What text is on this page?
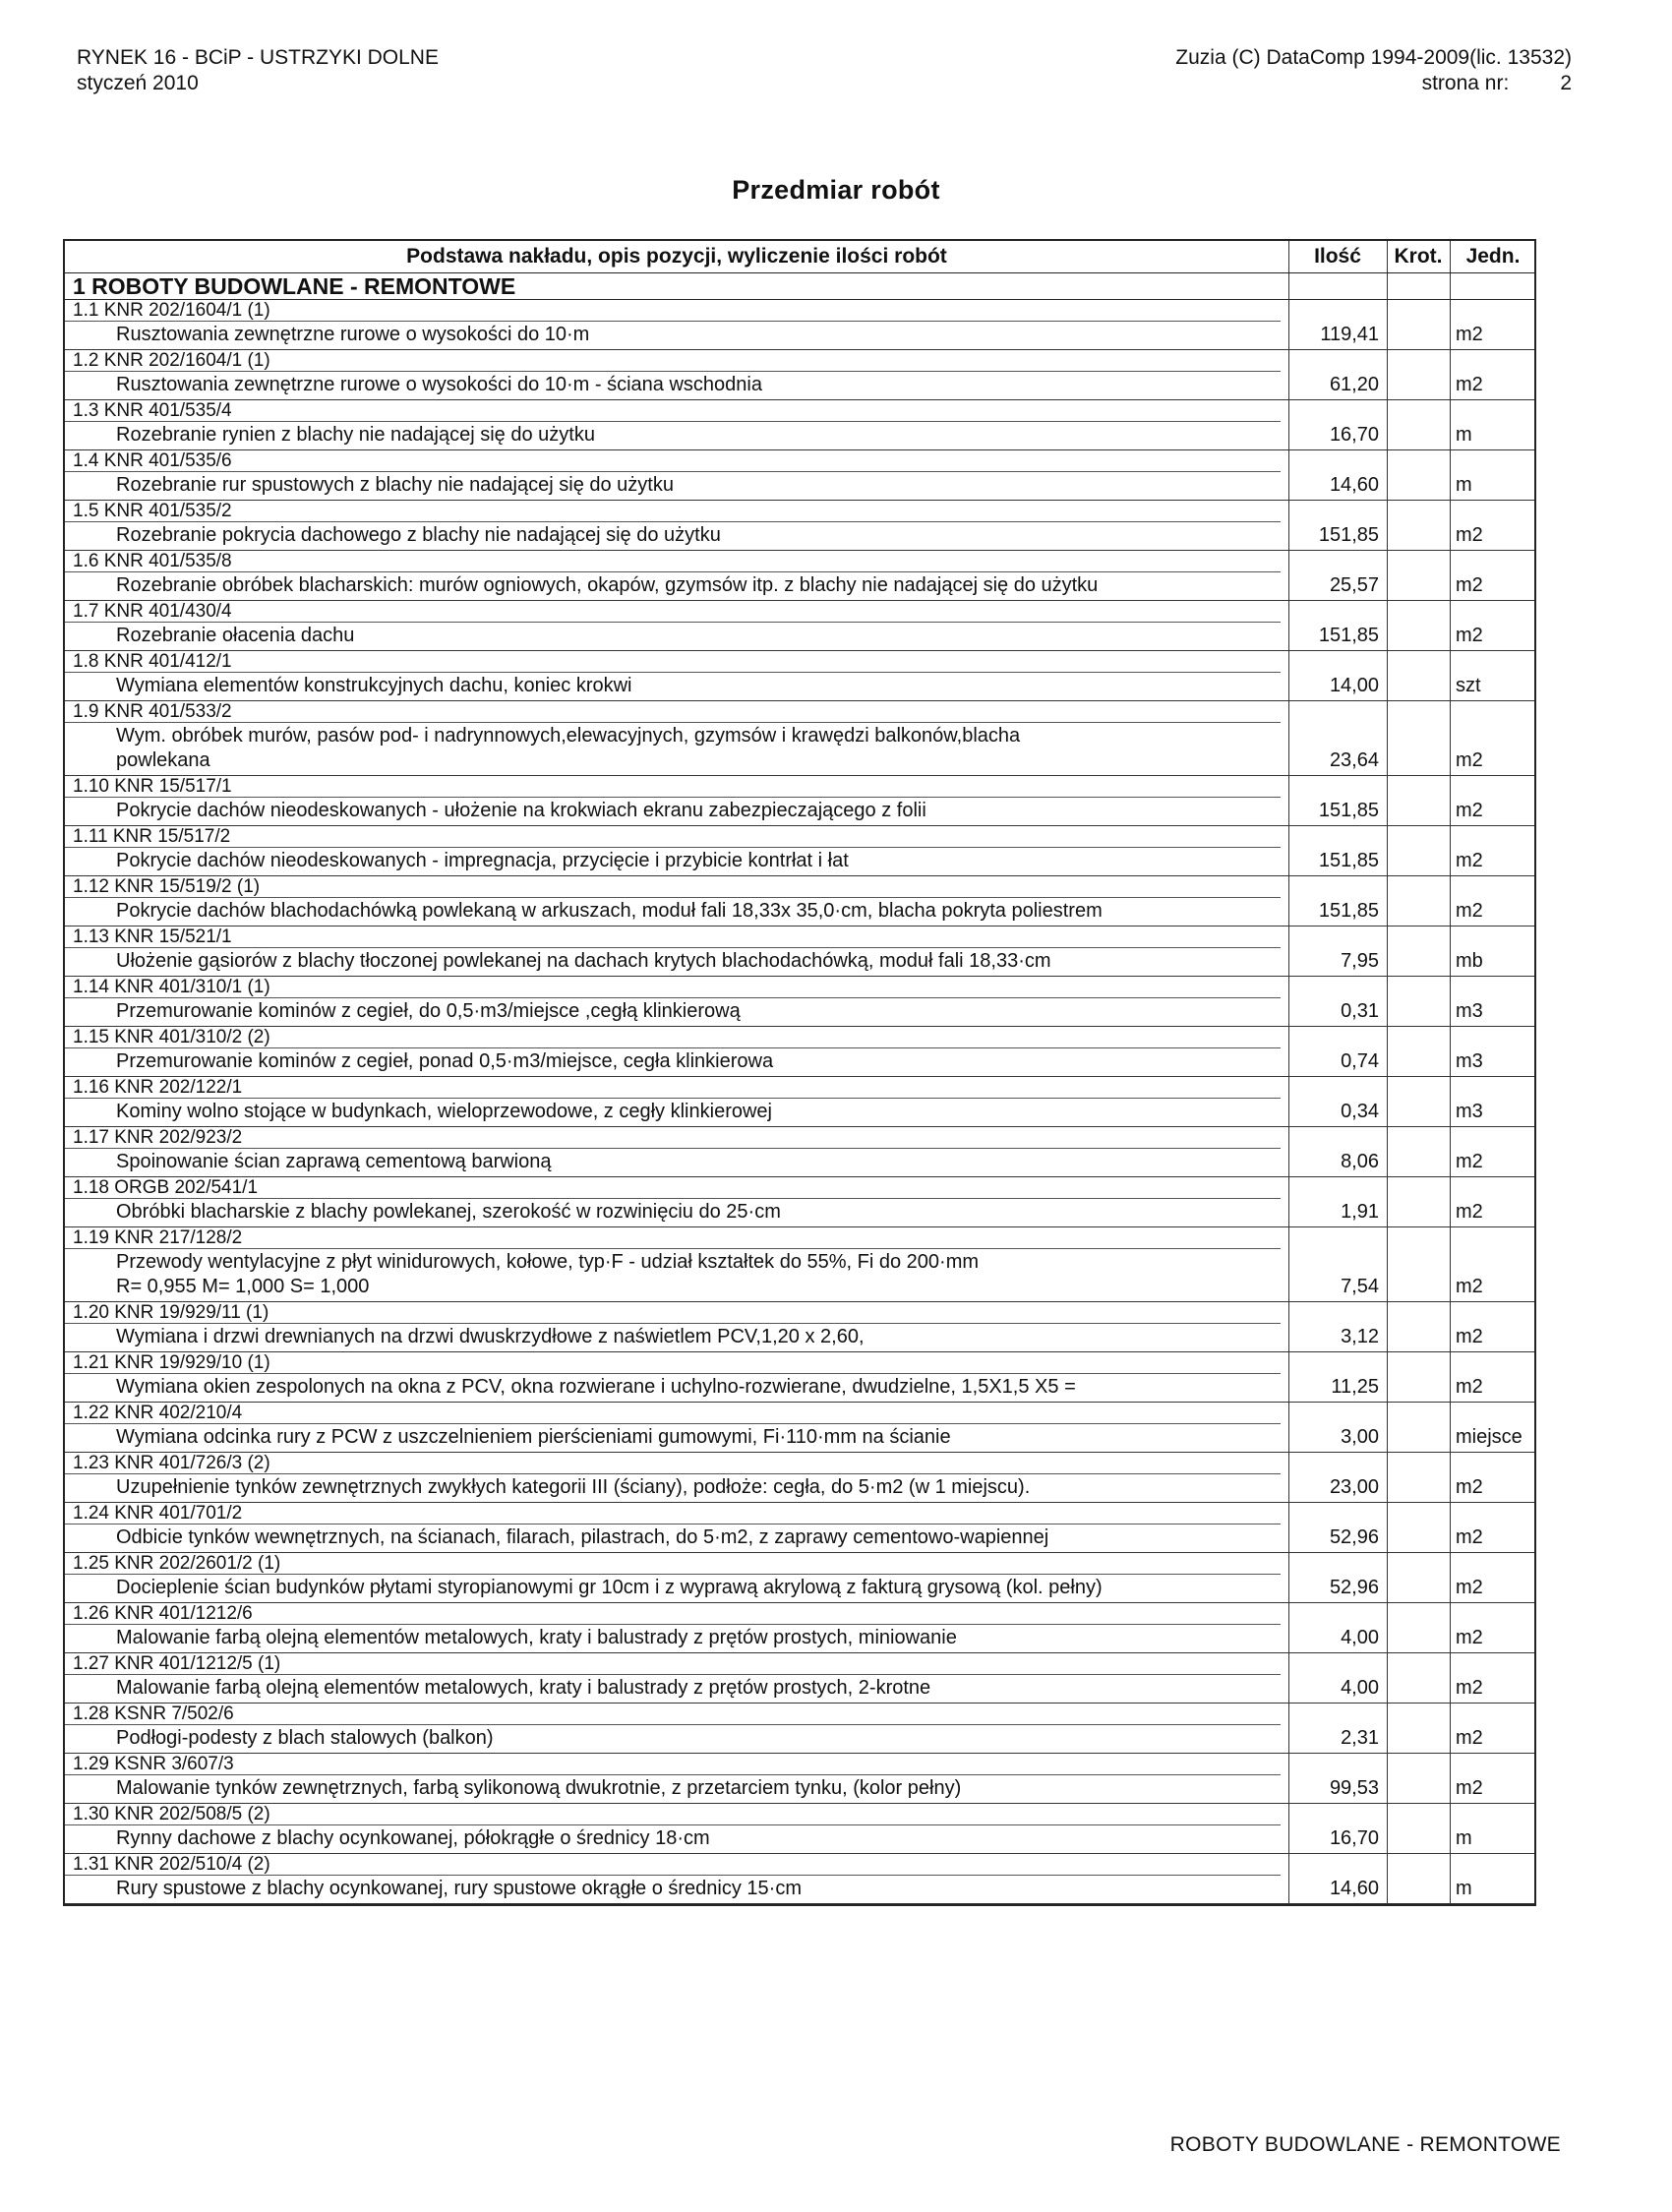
RYNEK 16 - BCiP - USTRZYKI DOLNE
styczeń 2010
Zuzia (C) DataComp 1994-2009(lic. 13532)
strona nr: 2
Przedmiar robót
Podstawa nakładu, opis pozycji, wyliczenie ilości robót	Ilość	Krot.	Jedn.
1 ROBOTY BUDOWLANE - REMONTOWE
1.1 KNR 202/1604/1 (1)
Rusztowania zewnętrzne rurowe o wysokości do 10·m	119,41	m2
1.2 KNR 202/1604/1 (1)
Rusztowania zewnętrzne rurowe o wysokości do 10·m - ściana wschodnia	61,20	m2
1.3 KNR 401/535/4
Rozebranie rynien z blachy nie nadającej się do użytku	16,70	m
1.4 KNR 401/535/6
Rozebranie rur spustowych z blachy nie nadającej się do użytku	14,60	m
1.5 KNR 401/535/2
Rozebranie pokrycia dachowego z blachy nie nadającej się do użytku	151,85	m2
1.6 KNR 401/535/8
Rozebranie obróbek blacharskich: murów ogniowych, okapów, gzymsów itp. z blachy nie nadającej się do użytku	25,57	m2
1.7 KNR 401/430/4
Rozebranie ołacenia dachu	151,85	m2
1.8 KNR 401/412/1
Wymiana elementów konstrukcyjnych dachu, koniec krokwi	14,00	szt
1.9 KNR 401/533/2
Wym. obróbek murów, pasów pod- i nadrynnowych,elewacyjnych, gzymsów i krawędzi balkonów,blacha
powlekana	23,64	m2
1.10 KNR 15/517/1
Pokrycie dachów nieodeskowanych - ułożenie na krokwiach ekranu zabezpieczającego z folii	151,85	m2
1.11 KNR 15/517/2
Pokrycie dachów nieodeskowanych - impregnacja, przycięcie i przybicie kontrłat i łat	151,85	m2
1.12 KNR 15/519/2 (1)
Pokrycie dachów blachodachówką powlekaną w arkuszach, moduł fali 18,33x 35,0·cm, blacha pokryta poliestrem	151,85	m2
1.13 KNR 15/521/1
Ułożenie gąsiorów z blachy tłoczonej powlekanej na dachach krytych blachodachówką, moduł fali 18,33·cm	7,95	mb
1.14 KNR 401/310/1 (1)
Przemurowanie kominów z cegieł, do 0,5·m3/miejsce ,cegłą klinkierową	0,31	m3
1.15 KNR 401/310/2 (2)
Przemurowanie kominów z cegieł, ponad 0,5·m3/miejsce, cegła klinkierowa	0,74	m3
1.16 KNR 202/122/1
Kominy wolno stojące w budynkach, wieloprzewodowe, z cegły klinkierowej	0,34	m3
1.17 KNR 202/923/2
Spoinowanie ścian zaprawą cementową barwioną	8,06	m2
1.18 ORGB 202/541/1
Obróbki blacharskie z blachy powlekanej, szerokość w rozwinięciu do 25·cm	1,91	m2
1.19 KNR 217/128/2
Przewody wentylacyjne z płyt winidurowych, kołowe, typ·F - udział kształtek do 55%, Fi do 200·mm
R= 0,955 M= 1,000 S= 1,000	7,54	m2
1.20 KNR 19/929/11 (1)
Wymiana i drzwi drewnianych na drzwi dwuskrzydłowe z naświetlem PCV,1,20 x 2,60,	3,12	m2
1.21 KNR 19/929/10 (1)
Wymiana okien zespolonych na okna z PCV, okna rozwierane i uchylno-rozwierane, dwudzielne, 1,5X1,5 X5 =	11,25	m2
1.22 KNR 402/210/4
Wymiana odcinka rury z PCW z uszczelnieniem pierścieniami gumowymi, Fi·110·mm na ścianie	3,00	miejsce
1.23 KNR 401/726/3 (2)
Uzupełnienie tynków zewnętrznych zwykłych kategorii III (ściany), podłoże: cegła, do 5·m2 (w 1 miejscu).	23,00	m2
1.24 KNR 401/701/2
Odbicie tynków wewnętrznych, na ścianach, filarach, pilastrach, do 5·m2, z zaprawy cementowo-wapiennej	52,96	m2
1.25 KNR 202/2601/2 (1)
Docieplenie ścian budynków płytami styropianowymi gr 10cm i z wyprawą akrylową z fakturą grysową (kol. pełny)	52,96	m2
1.26 KNR 401/1212/6
Malowanie farbą olejną elementów metalowych, kraty i balustrady z prętów prostych, miniowanie	4,00	m2
1.27 KNR 401/1212/5 (1)
Malowanie farbą olejną elementów metalowych, kraty i balustrady z prętów prostych, 2-krotne	4,00	m2
1.28 KSNR 7/502/6
Podłogi-podesty z blach stalowych (balkon)	2,31	m2
1.29 KSNR 3/607/3
Malowanie tynków zewnętrznych, farbą sylikonową dwukrotnie, z przetarciem tynku, (kolor pełny)	99,53	m2
1.30 KNR 202/508/5 (2)
Rynny dachowe z blachy ocynkowanej, półokrągłe o średnicy 18·cm	16,70	m
1.31 KNR 202/510/4 (2)
Rury spustowe z blachy ocynkowanej, rury spustowe okrągłe o średnicy 15·cm	14,60	m
ROBOTY BUDOWLANE - REMONTOWE
